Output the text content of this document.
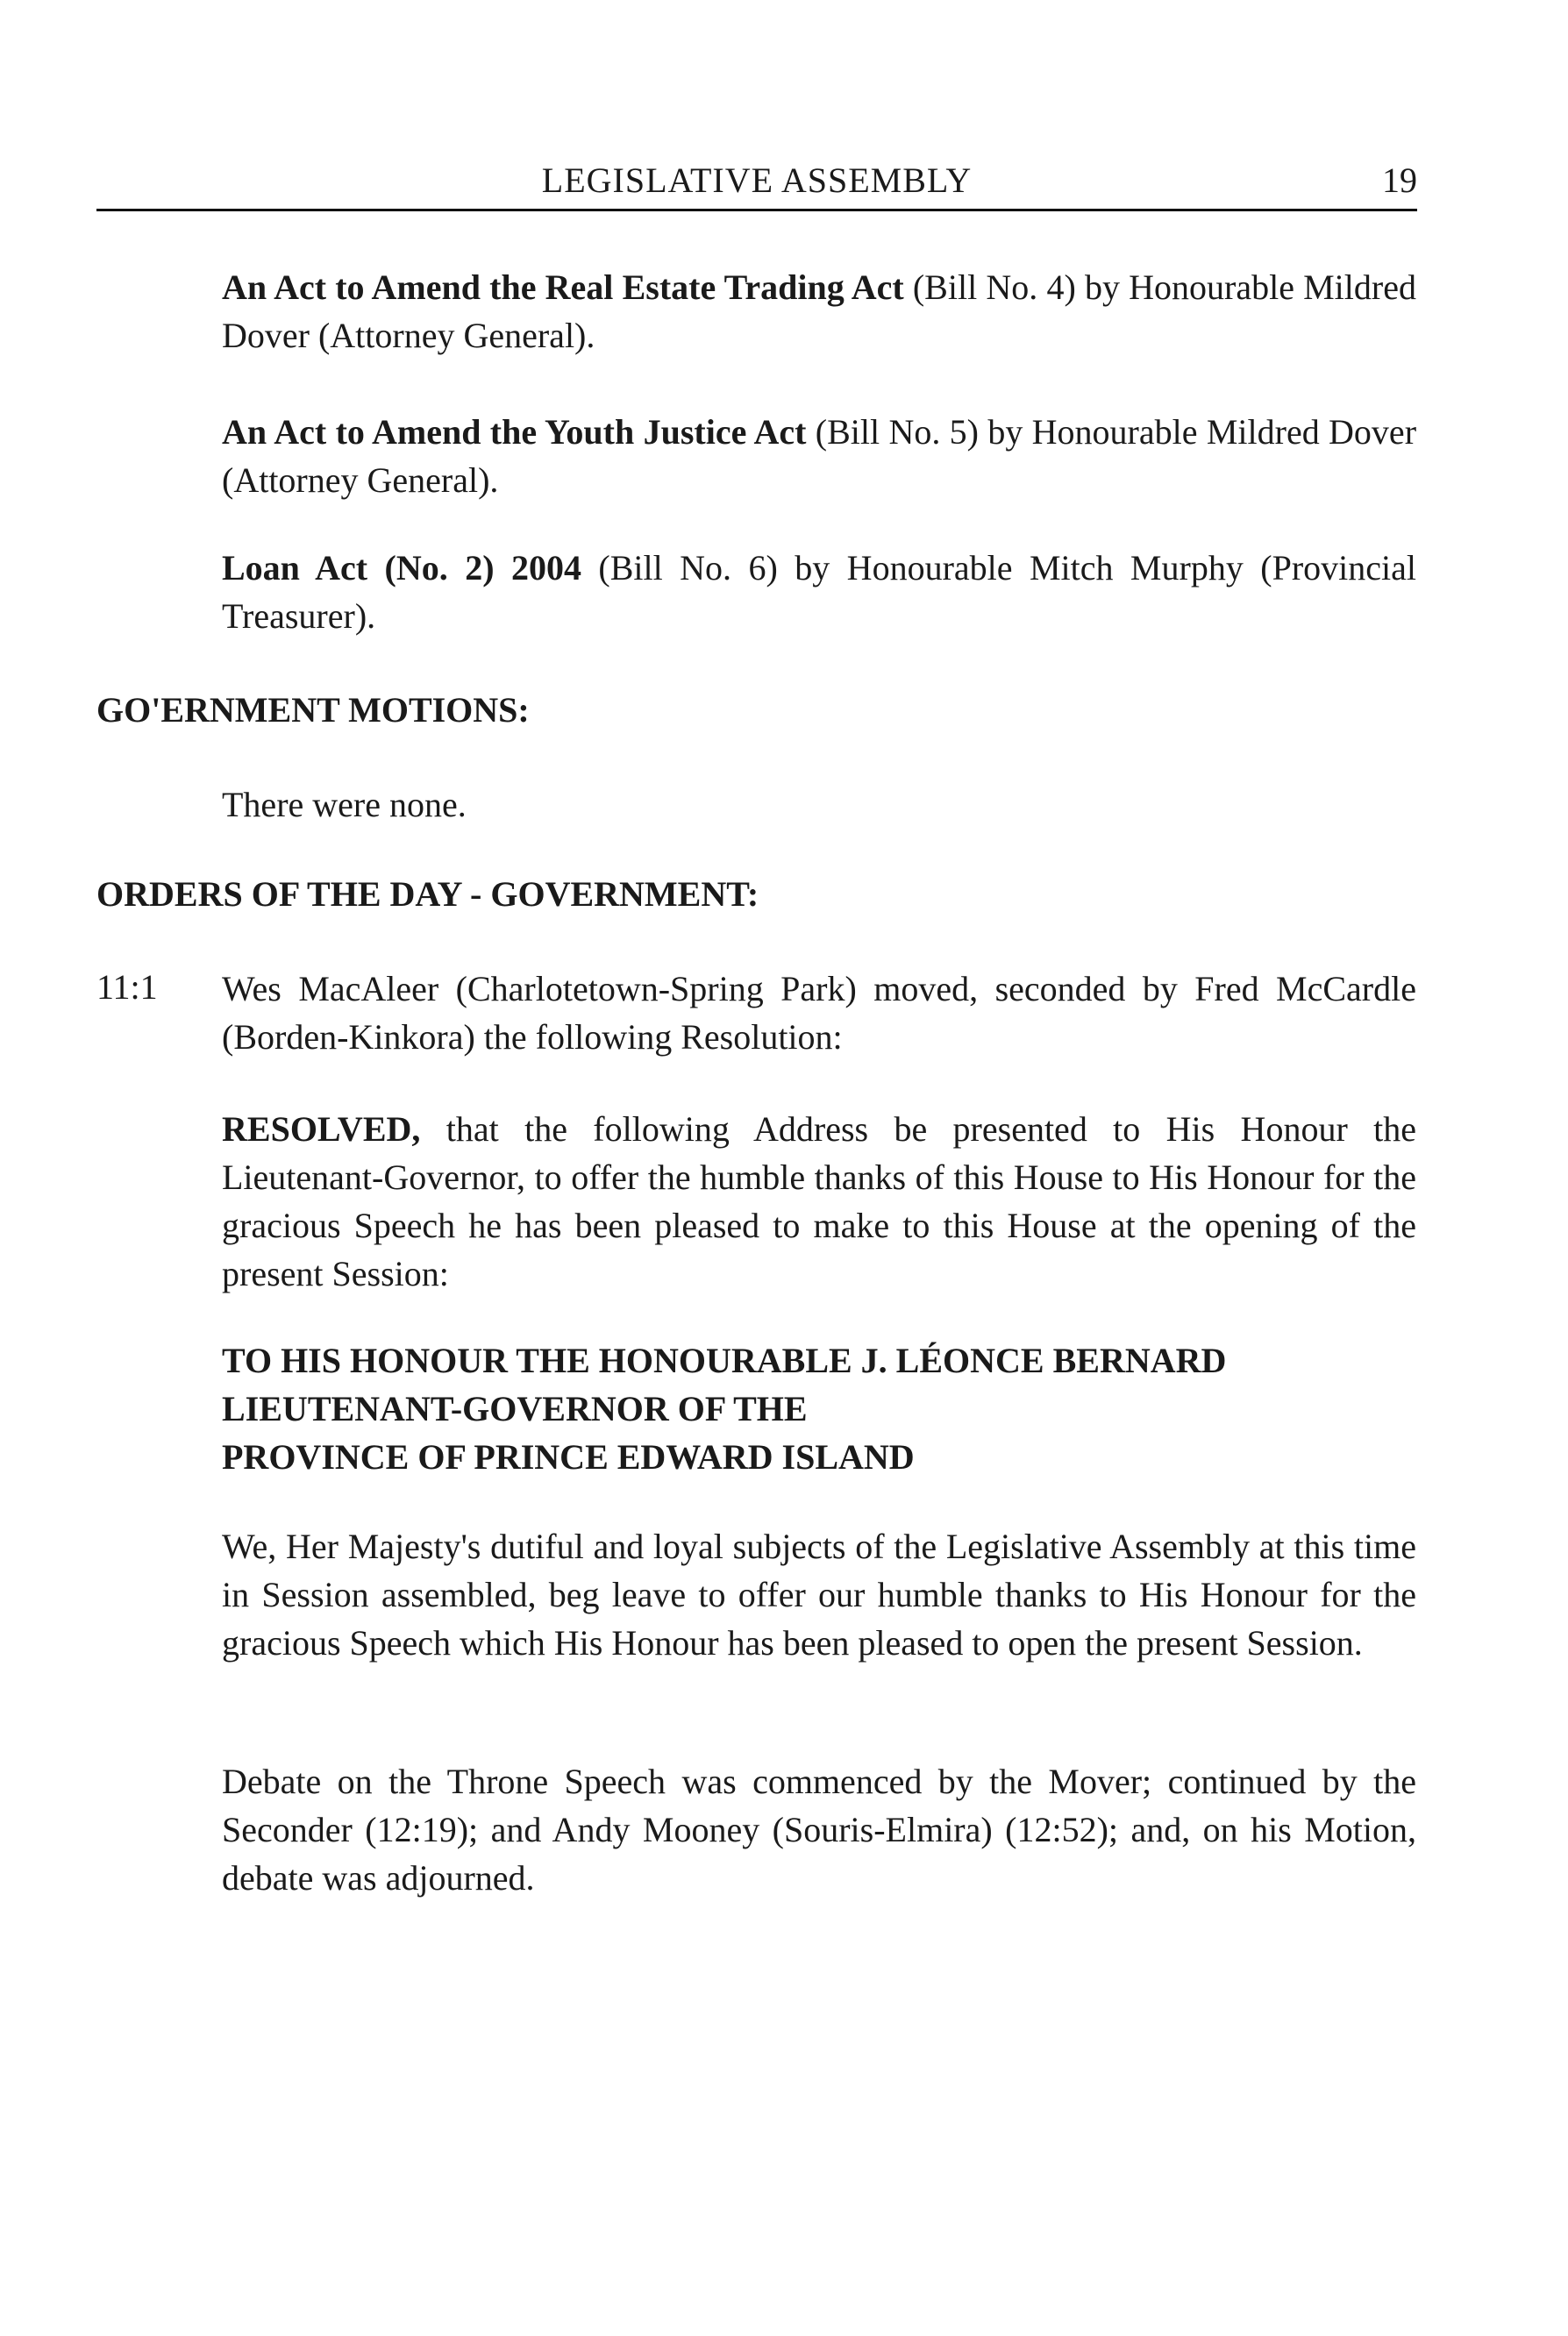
LEGISLATIVE ASSEMBLY	19
An Act to Amend the Real Estate Trading Act (Bill No. 4) by Honourable Mildred Dover (Attorney General).
An Act to Amend the Youth Justice Act (Bill No. 5) by Honourable Mildred Dover (Attorney General).
Loan Act (No. 2) 2004 (Bill No. 6) by Honourable Mitch Murphy (Provincial Treasurer).
GO'ERNMENT MOTIONS:
There were none.
ORDERS OF THE DAY - GOVERNMENT:
11:1 Wes MacAleer (Charlotetown-Spring Park) moved, seconded by Fred McCardle (Borden-Kinkora) the following Resolution:
RESOLVED, that the following Address be presented to His Honour the Lieutenant-Governor, to offer the humble thanks of this House to His Honour for the gracious Speech he has been pleased to make to this House at the opening of the present Session:
TO HIS HONOUR THE HONOURABLE J. LÉONCE BERNARD
LIEUTENANT-GOVERNOR OF THE
PROVINCE OF PRINCE EDWARD ISLAND
We, Her Majesty's dutiful and loyal subjects of the Legislative Assembly at this time in Session assembled, beg leave to offer our humble thanks to His Honour for the gracious Speech which His Honour has been pleased to open the present Session.
Debate on the Throne Speech was commenced by the Mover; continued by the Seconder (12:19); and Andy Mooney (Souris-Elmira) (12:52); and, on his Motion, debate was adjourned.
